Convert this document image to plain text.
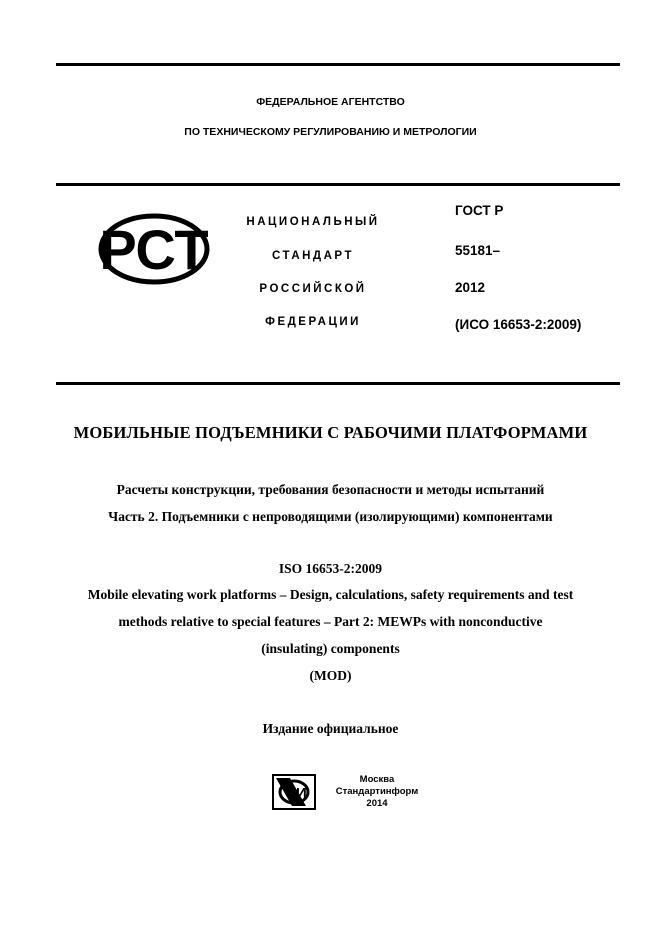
ФЕДЕРАЛЬНОЕ АГЕНТСТВО
ПО ТЕХНИЧЕСКОМУ РЕГУЛИРОВАНИЮ И МЕТРОЛОГИИ
РСТ	НАЦИОНАЛЬНЫЙ
СТАНДАРТ
РОССИЙСКОЙ
ФЕДЕРАЦИИ
ГОСТ Р
55181–
2012
(ИСО 16653-2:2009)
МОБИЛЬНЫЕ ПОДЪЕМНИКИ С РАБОЧИМИ ПЛАТФОРМАМИ
Расчеты конструкции, требования безопасности и методы испытаний
Часть 2. Подъемники с непроводящими (изолирующими) компонентами
ISO 16653-2:2009
Mobile elevating work platforms – Design, calculations, safety requirements and test
methods relative to special features – Part 2: MEWPs with nonconductive
(insulating) components
(MOD)
Издание официальное
СИ
Москва
Стандартинформ
2014
